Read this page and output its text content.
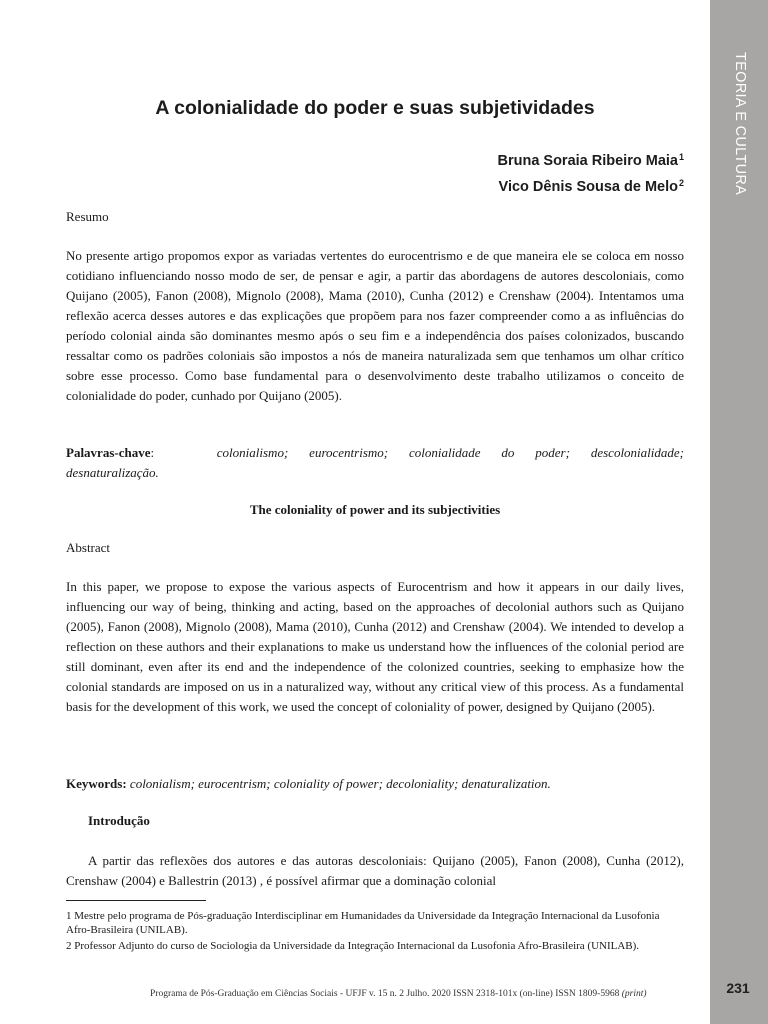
TEORIA E CULTURA
231
A colonialidade do poder e suas subjetividades
Bruna Soraia Ribeiro Maia$^1$
Vico Dênis Sousa de Melo$^2$
Resumo

No presente artigo propomos expor as variadas vertentes do eurocentrismo e de que maneira ele se coloca em nosso cotidiano influenciando nosso modo de ser, de pensar e agir, a partir das abordagens de autores descoloniais, como Quijano (2005), Fanon (2008), Mignolo (2008), Mama (2010), Cunha (2012) e Crenshaw (2004). Intentamos uma reflexão acerca desses autores e das explicações que propõem para nos fazer compreender como a as influências do período colonial ainda são dominantes mesmo após o seu fim e a independência dos países colonizados, buscando ressaltar como os padrões coloniais são impostos a nós de maneira naturalizada sem que tenhamos um olhar crítico sobre esse processo. Como base fundamental para o desenvolvimento deste trabalho utilizamos o conceito de colonialidade do poder, cunhado por Quijano (2005).

Palavras-chave:   colonialismo; eurocentrismo; colonialidade do poder; descolonialidade;
desnaturalização.
The coloniality of power and its subjectivities
Abstract

In this paper, we propose to expose the various aspects of Eurocentrism and how it appears in our daily lives, influencing our way of being, thinking and acting, based on the approaches of decolonial authors such as Quijano (2005), Fanon (2008), Mignolo (2008), Mama (2010), Cunha (2012) and Crenshaw (2004). We intended to develop a reflection on these authors and their explanations to make us understand how the influences of the colonial period are still dominant, even after its end and the independence of the colonized countries, seeking to emphasize how the colonial standards are imposed on us in a naturalized way, without any critical view of this process. As a fundamental basis for the development of this work, we used the concept of coloniality of power, designed by Quijano (2005).

Keywords: colonialism; eurocentrism; coloniality of power; decoloniality; denaturalization.
Introdução

A partir das reflexões dos autores e das autoras descoloniais: Quijano (2005), Fanon (2008), Cunha (2012), Crenshaw (2004) e Ballestrin (2013) , é possível afirmar que a dominação colonial

1 Mestre pelo programa de Pós-graduação Interdisciplinar em Humanidades da Universidade da Integração Internacional da Lusofonia Afro-Brasileira (UNILAB).

2 Professor Adjunto do curso de Sociologia da Universidade da Integração Internacional da Lusofonia Afro-Brasileira (UNILAB).

Programa de Pós-Graduação em Ciências Sociais - UFJF v. 15 n. 2 Julho. 2020 ISSN 2318-101x (on-line) ISSN 1809-5968 (print)
